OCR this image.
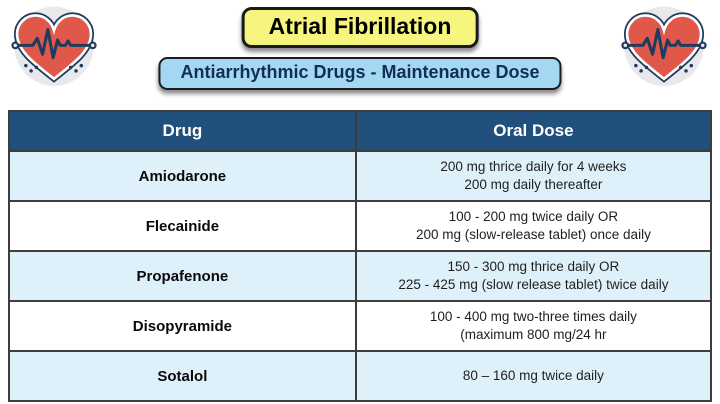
Atrial Fibrillation
Antiarrhythmic Drugs - Maintenance Dose
Drug	Oral Dose
Amiodarone	200 mg thrice daily for 4 weeks
200 mg daily thereafter

Flecainide	100 - 200 mg twice daily OR
200 mg (slow-release tablet) once daily

Propafenone	150 - 300 mg thrice daily OR
225 - 425 mg (slow release tablet) twice daily

Disopyramide	100 - 400 mg two-three times daily
(maximum 800 mg/24 hr

Sotalol	80 – 160 mg twice daily
